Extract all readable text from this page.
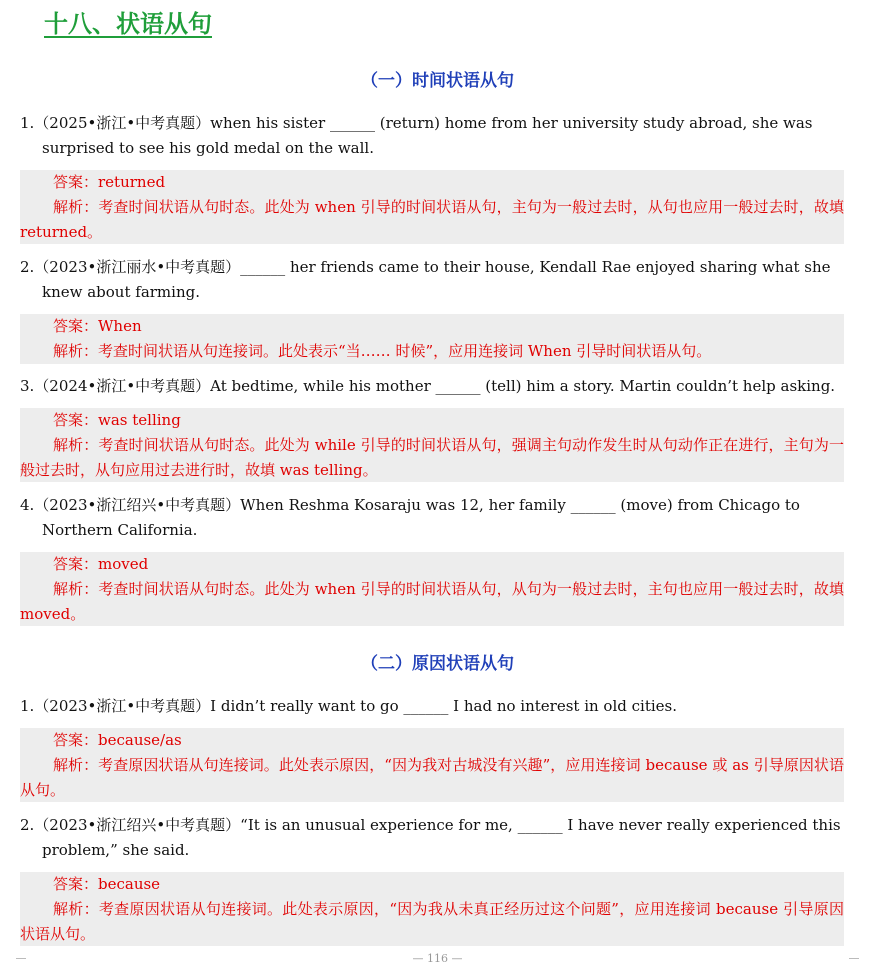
十八、状语从句
（一）时间状语从句

1.（2025•浙江•中考真题）when his sister ______ (return) home from her university study abroad, she was surprised to see his gold medal on the wall.

答案：returned
解析：考查时间状语从句时态。此处为 when 引导的时间状语从句，主句为一般过去时，从句也应用一般过去时，故填 returned。

2.（2023•浙江丽水•中考真题）______ her friends came to their house, Kendall Rae enjoyed sharing what she knew about farming.

答案：When
解析：考查时间状语从句连接词。此处表示“当…… 时候”，应用连接词 When 引导时间状语从句。

3.（2024•浙江•中考真题）At bedtime, while his mother ______ (tell) him a story. Martin couldn’t help asking.

答案：was telling
解析：考查时间状语从句时态。此处为 while 引导的时间状语从句，强调主句动作发生时从句动作正在进行，主句为一般过去时，从句应用过去进行时，故填 was telling。

4.（2023•浙江绍兴•中考真题）When Reshma Kosaraju was 12, her family ______ (move) from Chicago to Northern California.

答案：moved
解析：考查时间状语从句时态。此处为 when 引导的时间状语从句，从句为一般过去时，主句也应用一般过去时，故填 moved。
（二）原因状语从句

1.（2023•浙江•中考真题）I didn’t really want to go ______ I had no interest in old cities.

答案：because/as
解析：考查原因状语从句连接词。此处表示原因，“因为我对古城没有兴趣”，应用连接词 because 或 as 引导原因状语从句。

2.（2023•浙江绍兴•中考真题）“It is an unusual experience for me, ______ I have never really experienced this problem,” she said.

答案：because
解析：考查原因状语从句连接词。此处表示原因，“因为我从未真正经历过这个问题”，应用连接词 because 引导原因状语从句。
— 116 —
